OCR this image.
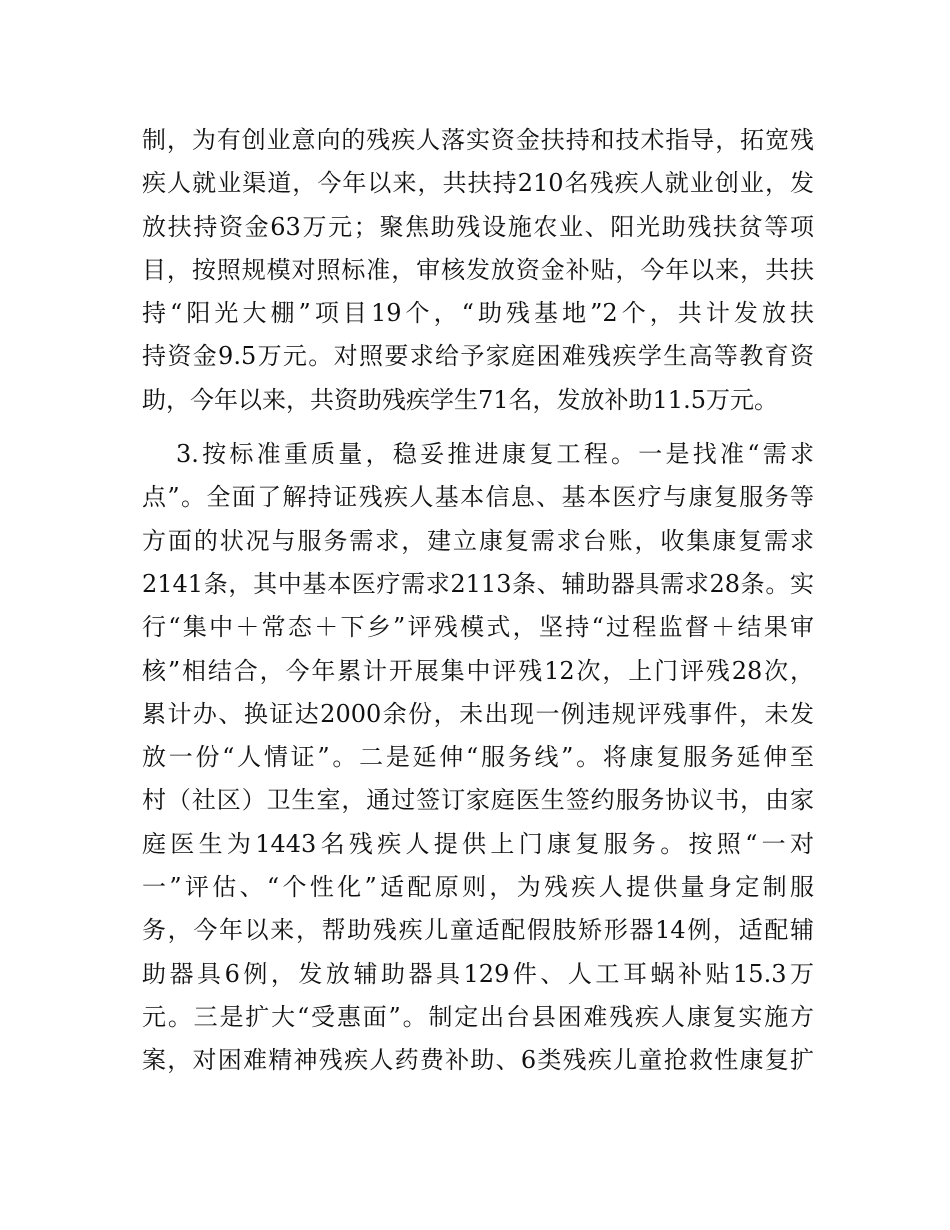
制，为有创业意向的残疾人落实资金扶持和技术指导，拓宽残
疾人就业渠道，今年以来，共扶持210名残疾人就业创业，发
放扶持资金63万元；聚焦助残设施农业、阳光助残扶贫等项
目，按照规模对照标准，审核发放资金补贴，今年以来，共扶
持“阳光大棚”项目19个，“助残基地”2个，共计发放扶
持资金9.5万元。对照要求给予家庭困难残疾学生高等教育资
助，今年以来，共资助残疾学生71名，发放补助11.5万元。
3.按标准重质量，稳妥推进康复工程。一是找准“需求
点”。全面了解持证残疾人基本信息、基本医疗与康复服务等
方面的状况与服务需求，建立康复需求台账，收集康复需求
2141条，其中基本医疗需求2113条、辅助器具需求28条。实
行“集中＋常态＋下乡”评残模式，坚持“过程监督＋结果审
核”相结合，今年累计开展集中评残12次，上门评残28次，
累计办、换证达2000余份，未出现一例违规评残事件，未发
放一份“人情证”。二是延伸“服务线”。将康复服务延伸至
村（社区）卫生室，通过签订家庭医生签约服务协议书，由家
庭医生为1443名残疾人提供上门康复服务。按照“一对
一”评估、“个性化”适配原则，为残疾人提供量身定制服
务，今年以来，帮助残疾儿童适配假肢矫形器14例，适配辅
助器具6例，发放辅助器具129件、人工耳蜗补贴15.3万
元。三是扩大“受惠面”。制定出台县困难残疾人康复实施方
案，对困难精神残疾人药费补助、6类残疾儿童抢救性康复扩
